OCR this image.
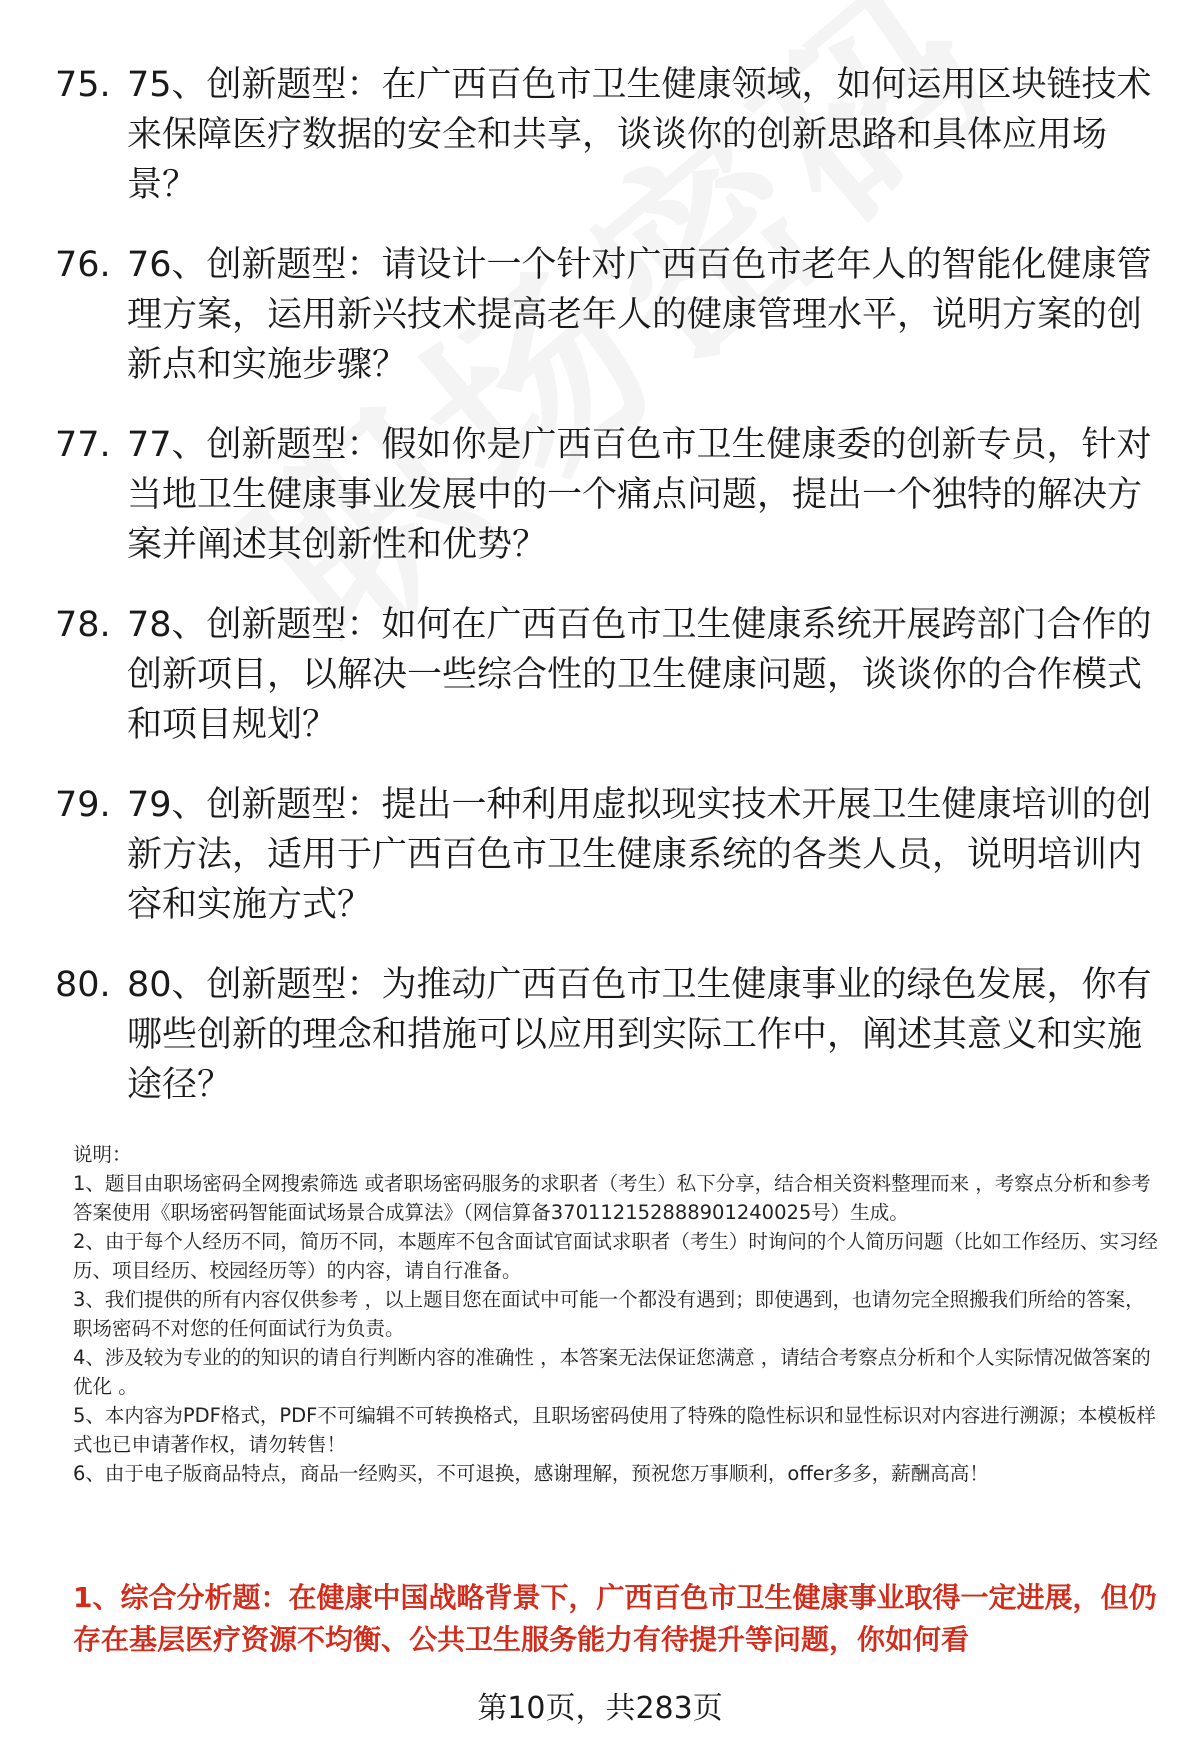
75. 75、创新题型：在广西百色市卫生健康领域，如何运用区块链技术来保障医疗数据的安全和共享，谈谈你的创新思路和具体应用场景？
76. 76、创新题型：请设计一个针对广西百色市老年人的智能化健康管理方案，运用新兴技术提高老年人的健康管理水平，说明方案的创新点和实施步骤？
77. 77、创新题型：假如你是广西百色市卫生健康委的创新专员，针对当地卫生健康事业发展中的一个痛点问题，提出一个独特的解决方案并阐述其创新性和优势？
78. 78、创新题型：如何在广西百色市卫生健康系统开展跨部门合作的创新项目，以解决一些综合性的卫生健康问题，谈谈你的合作模式和项目规划？
79. 79、创新题型：提出一种利用虚拟现实技术开展卫生健康培训的创新方法，适用于广西百色市卫生健康系统的各类人员，说明培训内容和实施方式？
80. 80、创新题型：为推动广西百色市卫生健康事业的绿色发展，你有哪些创新的理念和措施可以应用到实际工作中，阐述其意义和实施途径？

说明：

1、题目由职场密码全网搜索筛选 或者职场密码服务的求职者（考生）私下分享，结合相关资料整理而来 ，考察点分析和参考答案使用《职场密码智能面试场景合成算法》（网信算备370112152888901240025号）生成。

2、由于每个人经历不同，简历不同，本题库不包含面试官面试求职者（考生）时询问的个人简历问题（比如工作经历、实习经历、项目经历、校园经历等）的内容，请自行准备。

3、我们提供的所有内容仅供参考 ，以上题目您在面试中可能一个都没有遇到；即使遇到，也请勿完全照搬我们所给的答案，职场密码不对您的任何面试行为负责。

4、涉及较为专业的的知识的请自行判断内容的准确性 ，本答案无法保证您满意 ，请结合考察点分析和个人实际情况做答案的优化 。

5、本内容为PDF格式，PDF不可编辑不可转换格式，且职场密码使用了特殊的隐性标识和显性标识对内容进行溯源；本模板样式也已申请著作权，请勿转售！

6、由于电子版商品特点，商品一经购买，不可退换，感谢理解，预祝您万事顺利，offer多多，薪酬高高！

1、综合分析题：在健康中国战略背景下，广西百色市卫生健康事业取得一定进展，但仍存在基层医疗资源不均衡、公共卫生服务能力有待提升等问题，你如何看
第10页，共283页
